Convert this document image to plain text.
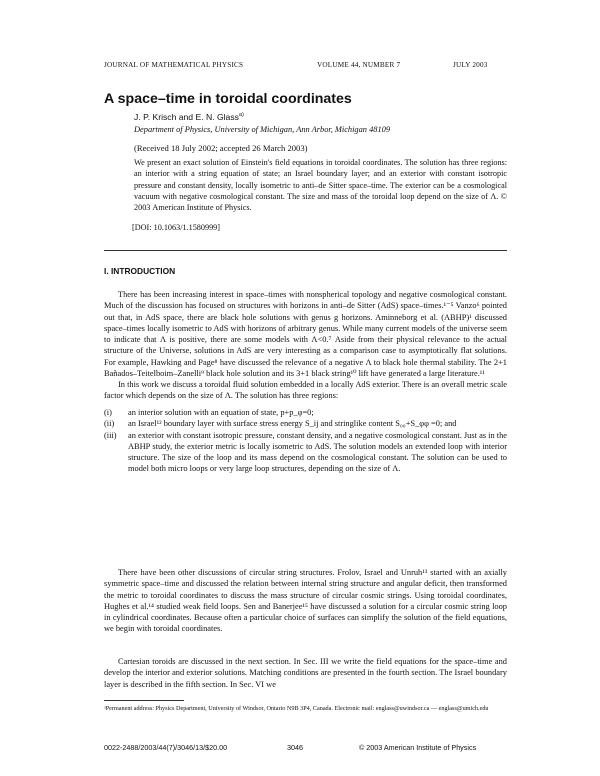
JOURNAL OF MATHEMATICAL PHYSICS	VOLUME 44, NUMBER 7	JULY 2003
A space–time in toroidal coordinates
J. P. Krisch and E. N. Glass$^{a)}$
Department of Physics, University of Michigan, Ann Arbor, Michigan 48109
(Received 18 July 2002; accepted 26 March 2003)
We present an exact solution of Einstein's field equations in toroidal coordinates. The solution has three regions: an interior with a string equation of state; an Israel boundary layer; and an exterior with constant isotropic pressure and constant density, locally isometric to anti–de Sitter space–time. The exterior can be a cosmological vacuum with negative cosmological constant. The size and mass of the toroidal loop depend on the size of Λ. © 2003 American Institute of Physics.
[DOI: 10.1063/1.1580999]
I. INTRODUCTION

There has been increasing interest in space–times with nonspherical topology and negative cosmological constant. Much of the discussion has focused on structures with horizons in anti–de Sitter (AdS) space–times.¹⁻⁵ Vanzo⁶ pointed out that, in AdS space, there are black hole solutions with genus g horizons. Aminneborg et al. (ABHP)¹ discussed space–times locally isometric to AdS with horizons of arbitrary genus. While many current models of the universe seem to indicate that Λ is positive, there are some models with Λ<0.⁷ Aside from their physical relevance to the actual structure of the Universe, solutions in AdS are very interesting as a comparison case to asymptotically flat solutions. For example, Hawking and Page⁸ have discussed the relevance of a negative Λ to black hole thermal stability. The 2+1 Bañados–Teitelboim–Zanelli⁹ black hole solution and its 3+1 black string¹⁰ lift have generated a large literature.¹¹

In this work we discuss a toroidal fluid solution embedded in a locally AdS exterior. There is an overall metric scale factor which depends on the size of Λ. The solution has three regions:

(i)	an interior solution with an equation of state, p+p_φ=0;
(ii)	an Israel¹² boundary layer with surface stress energy S_ij and stringlike content S₀₀+S_φφ =0; and
(iii)	an exterior with constant isotropic pressure, constant density, and a negative cosmological constant. Just as in the ABHP study, the exterior metric is locally isometric to AdS. The solution models an extended loop with interior structure. The size of the loop and its mass depend on the cosmological constant. The solution can be used to model both micro loops or very large loop structures, depending on the size of Λ.

There have been other discussions of circular string structures. Frolov, Israel and Unruh¹³ started with an axially symmetric space–time and discussed the relation between internal string structure and angular deficit, then transformed the metric to toroidal coordinates to discuss the mass structure of circular cosmic strings. Using toroidal coordinates, Hughes et al.¹⁴ studied weak field loops. Sen and Banerjee¹⁵ have discussed a solution for a circular cosmic string loop in cylindrical coordinates. Because often a particular choice of surfaces can simplify the solution of the field equations, we begin with toroidal coordinates.

Cartesian toroids are discussed in the next section. In Sec. III we write the field equations for the space–time and develop the interior and exterior solutions. Matching conditions are presented in the fourth section. The Israel boundary layer is described in the fifth section. In Sec. VI we

ᵃPermanent address: Physics Department, University of Windsor, Ontario N9B 3P4, Canada. Electronic mail: englass@uwindsor.ca — englass@umich.edu
0022-2488/2003/44(7)/3046/13/$20.00	3046	© 2003 American Institute of Physics
